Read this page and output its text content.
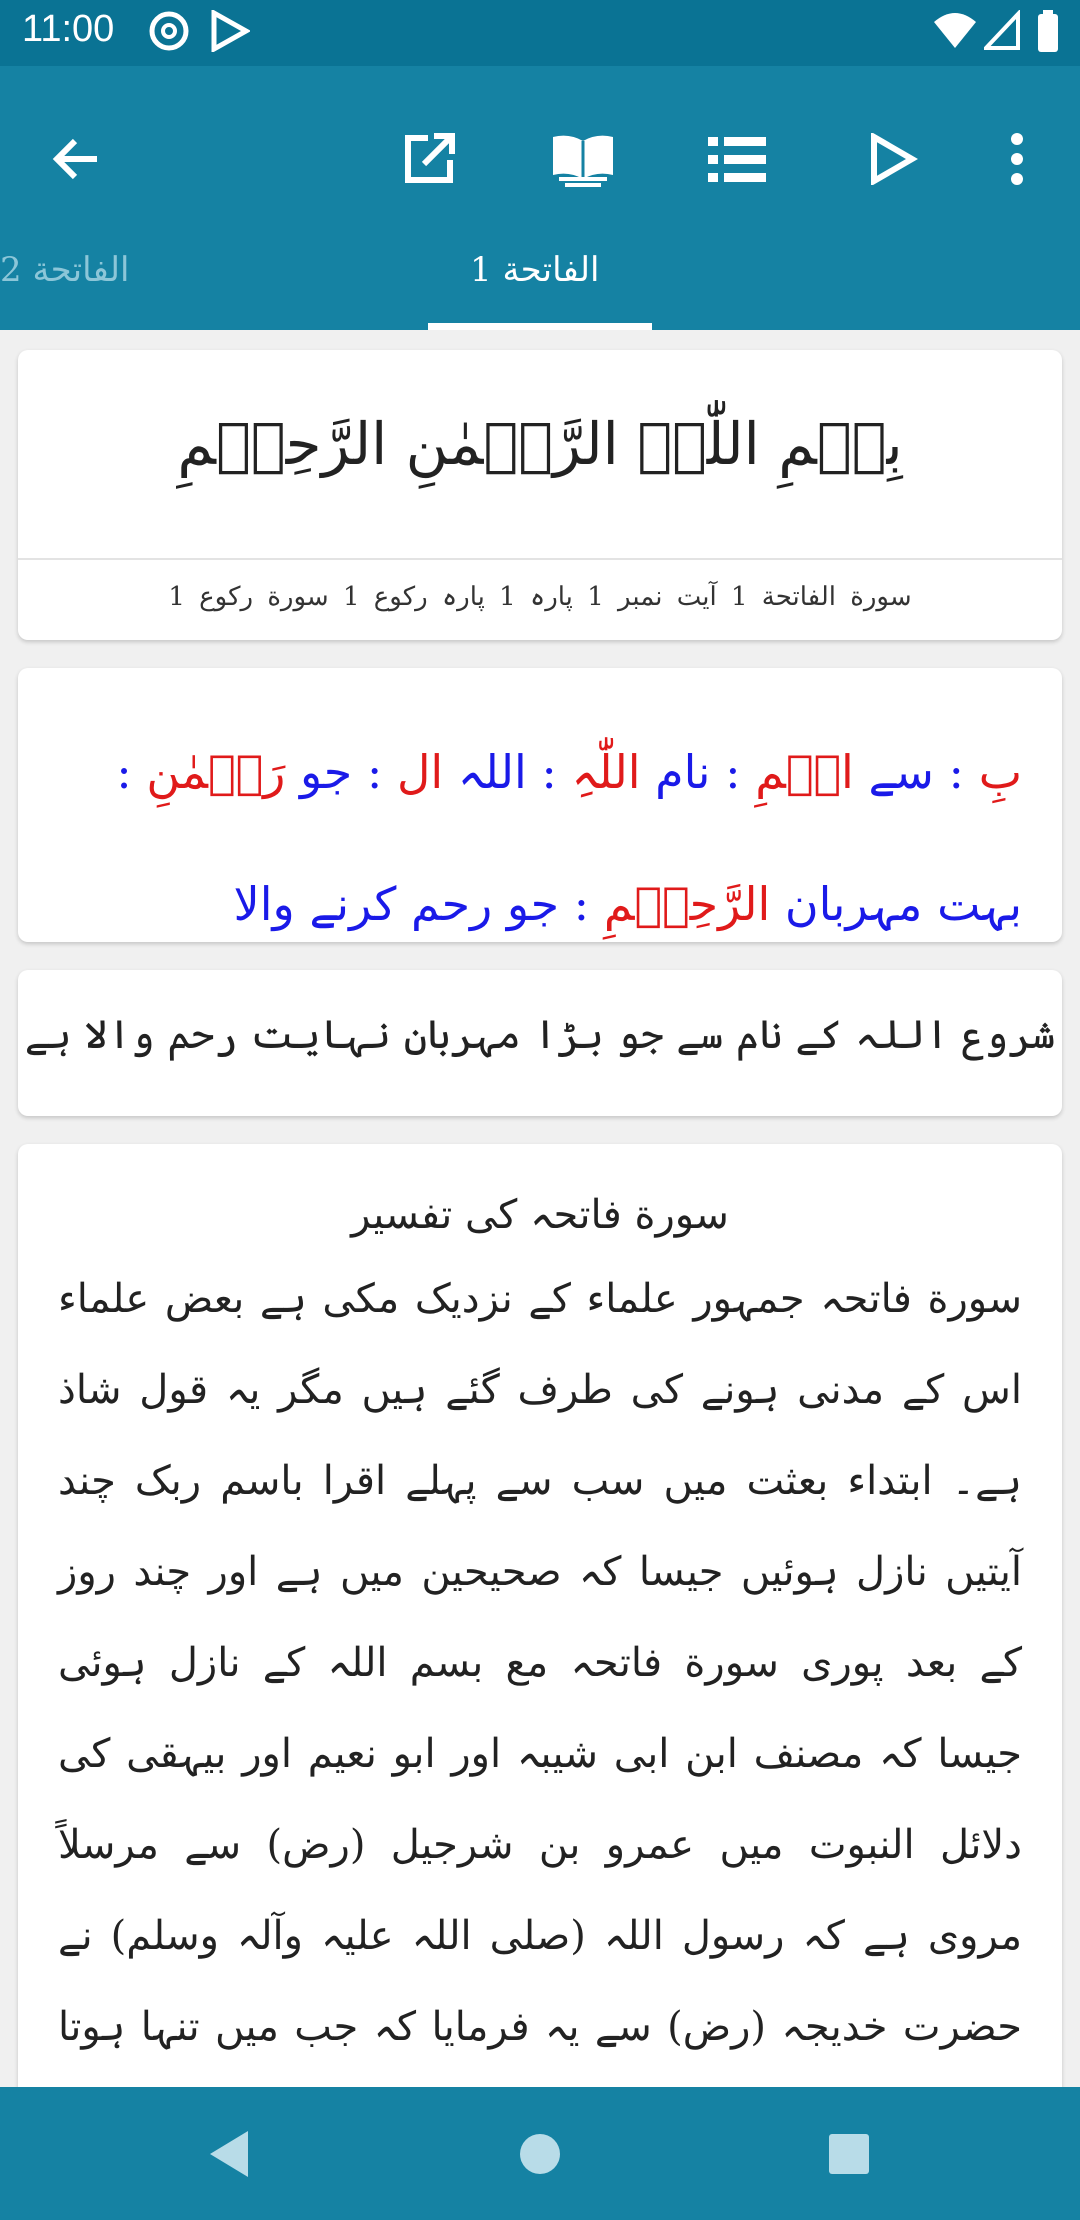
11:00
الفاتحة 1
الفاتحة 2
بِسۡمِ اللّٰہِ الرَّحۡمٰنِ الرَّحِیۡمِ
سورة الفاتحة 1 آیت نمبر 1 پارہ 1 پارہ رکوع 1 سورة رکوع 1
بِ : سے اسۡمِ : نام اللّٰہِ : اللہ ال : جو رَحۡمٰنِ : بہت مہربان الرَّحِیۡمِ : جو رحم کرنے والا
شروع اللہ کے نام سے جو بڑا مہربان نہایت رحم والا ہے
سورة فاتحہ کی تفسیر
سورة فاتحہ جمہور علماء کے نزدیک مکی ہے بعض علماء اس کے مدنی ہونے کی طرف گئے ہیں مگر یہ قول شاذ ہے۔ ابتداء بعثت میں سب سے پہلے اقرا باسم ربک چند آیتیں نازل ہوئیں جیسا کہ صحیحین میں ہے اور چند روز کے بعد پوری سورة فاتحہ مع بسم اللہ کے نازل ہوئی جیسا کہ مصنف ابن ابی شیبہ اور ابو نعیم اور بیہقی کی دلائل النبوت میں عمرو بن شرجیل (رض) سے مرسلاً مروی ہے کہ رسول اللہ (صلی اللہ علیہ وآلہ وسلم) نے حضرت خدیجہ (رض) سے یہ فرمایا کہ جب میں تنہا ہوتا
